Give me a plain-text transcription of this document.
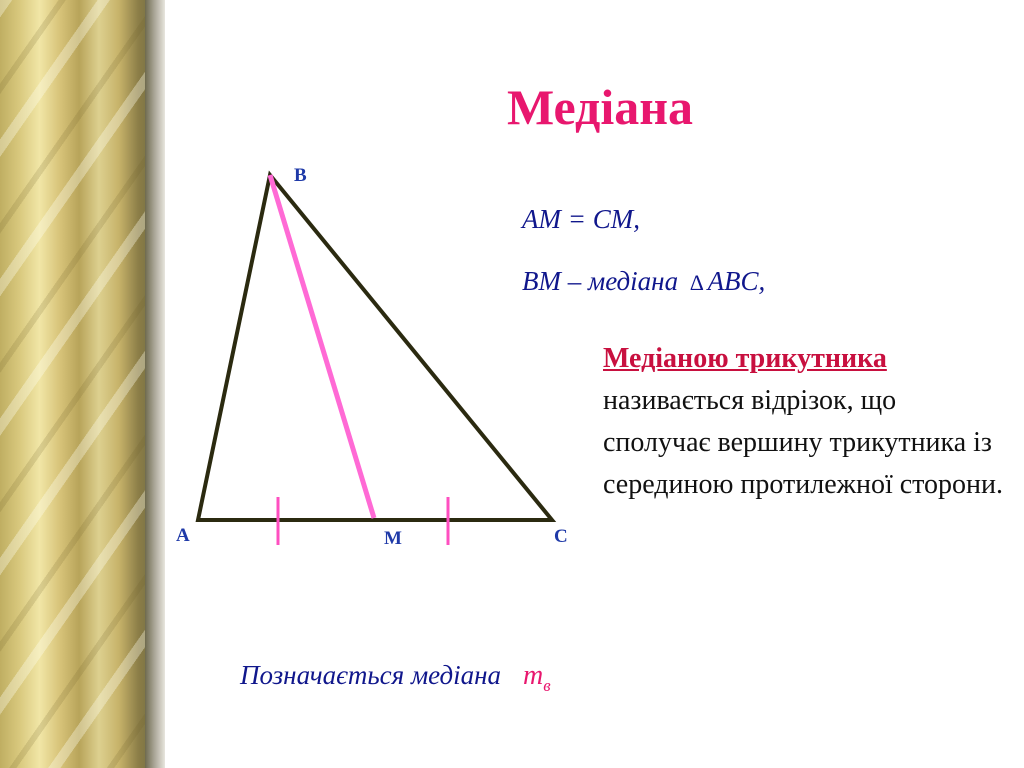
Медіана
B
A	C
M
AM = CM,
BM – медіана ∆ ABC,
Медіаною трикутника
називається відрізок, що сполучає вершину трикутника із серединою протилежної сторони.
Позначається медіана $m_в$
